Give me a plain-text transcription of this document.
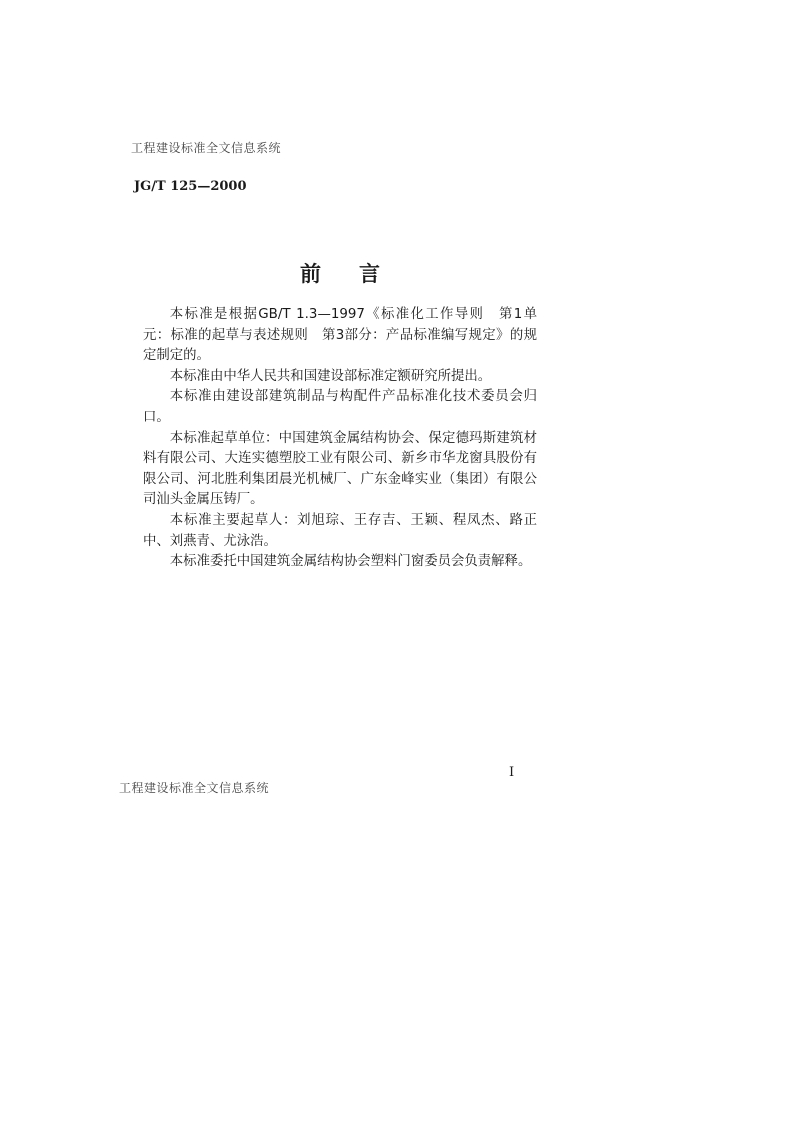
工程建设标准全文信息系统
JG/T 125—2000
前言

本标准是根据GB/T 1.3—1997《标准化工作导则　第1单元：标准的起草与表述规则　第3部分：产品标准编写规定》的规定制定的。

本标准由中华人民共和国建设部标准定额研究所提出。

本标准由建设部建筑制品与构配件产品标准化技术委员会归口。

本标准起草单位：中国建筑金属结构协会、保定德玛斯建筑材料有限公司、大连实德塑胶工业有限公司、新乡市华龙窗具股份有限公司、河北胜利集团晨光机械厂、广东金峰实业（集团）有限公司汕头金属压铸厂。

本标准主要起草人：刘旭琮、王存吉、王颖、程凤杰、路正中、刘燕青、尤泳浩。

本标准委托中国建筑金属结构协会塑料门窗委员会负责解释。

I
工程建设标准全文信息系统
